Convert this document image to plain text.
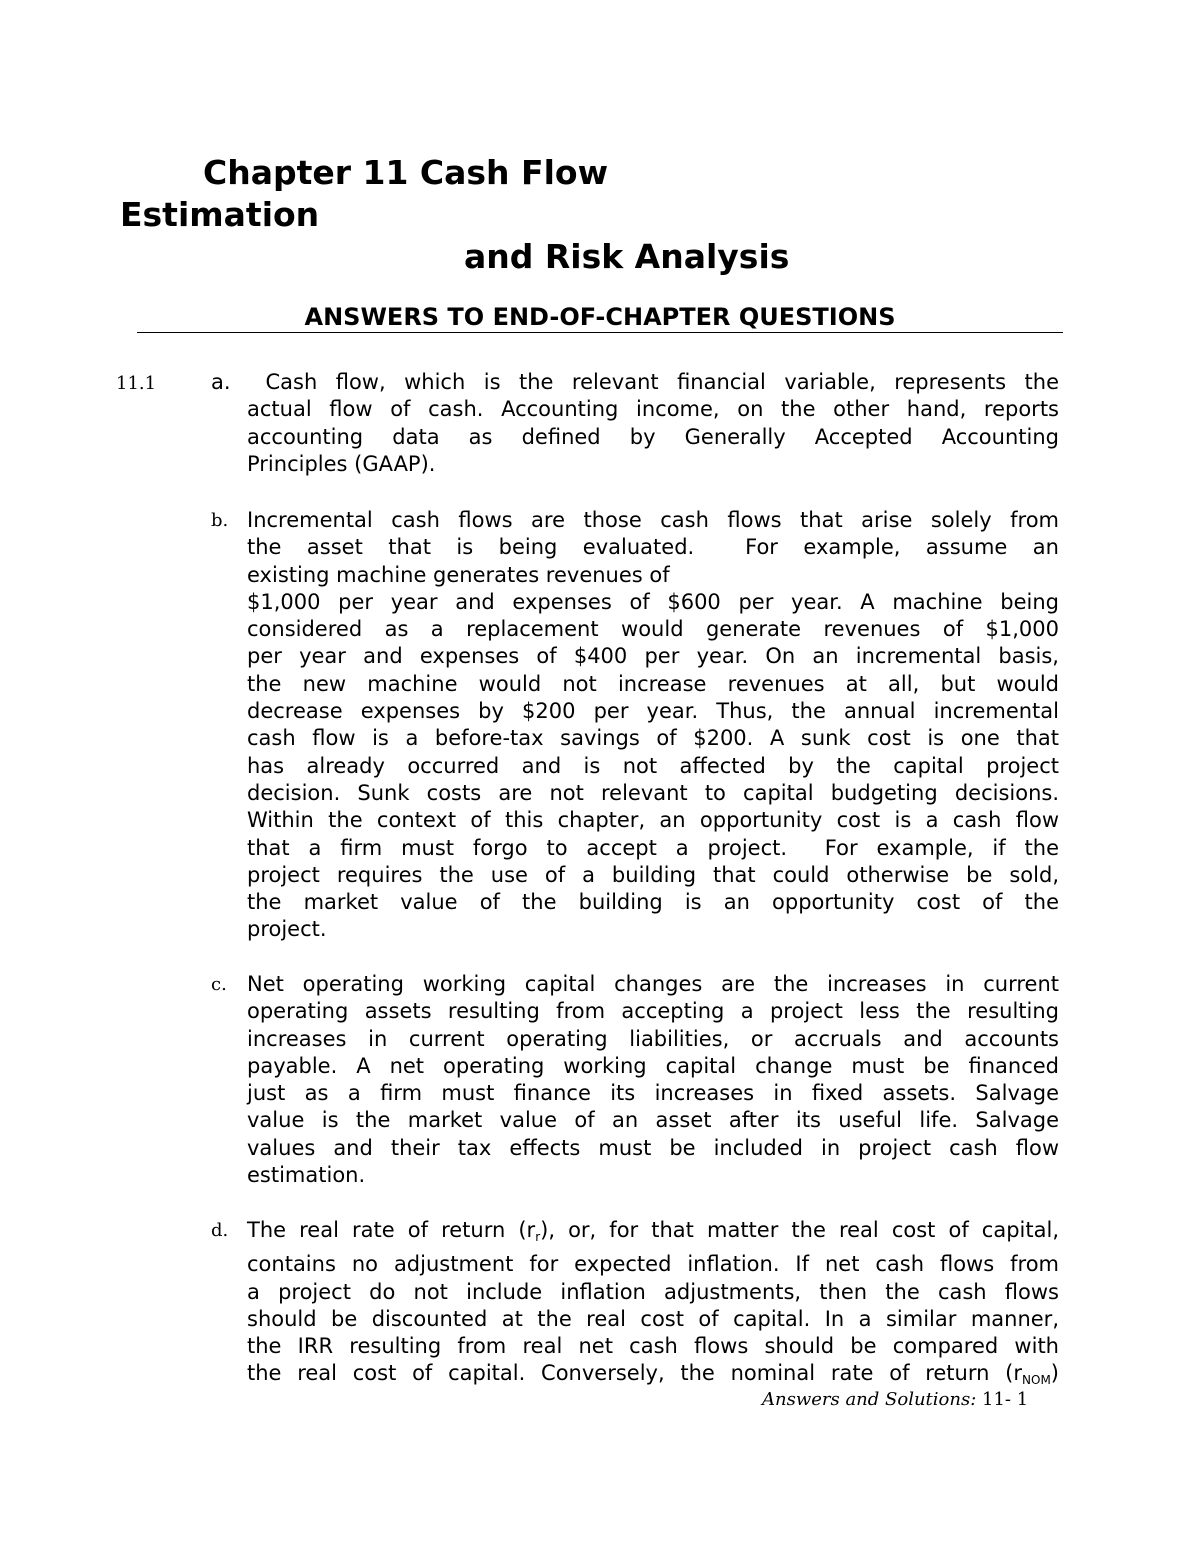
Chapter 11 Cash Flow
Estimation
and Risk Analysis
ANSWERS TO END-OF-CHAPTER QUESTIONS
11.1	a. Cash flow, which is the relevant financial variable, represents the
actual flow of cash. Accounting income, on the other hand, reports
accounting data as defined by Generally Accepted Accounting
Principles (GAAP).
b. Incremental cash flows are those cash flows that arise solely from
the asset that is being evaluated.  For example, assume an
existing machine generates revenues of
$1,000 per year and expenses of $600 per year. A machine being
considered as a replacement would generate revenues of $1,000
per year and expenses of $400 per year. On an incremental basis,
the new machine would not increase revenues at all, but would
decrease expenses by $200 per year. Thus, the annual incremental
cash flow is a before-tax savings of $200. A sunk cost is one that
has already occurred and is not affected by the capital project
decision. Sunk costs are not relevant to capital budgeting decisions.
Within the context of this chapter, an opportunity cost is a cash flow
that a firm must forgo to accept a project.  For example, if the
project requires the use of a building that could otherwise be sold,
the market value of the building is an opportunity cost of the
project.
c. Net operating working capital changes are the increases in current
operating assets resulting from accepting a project less the resulting
increases in current operating liabilities, or accruals and accounts
payable. A net operating working capital change must be financed
just as a firm must finance its increases in fixed assets. Salvage
value is the market value of an asset after its useful life. Salvage
values and their tax effects must be included in project cash flow
estimation.
d. The real rate of return $(r_r)$, or, for that matter the real cost of capital,
contains no adjustment for expected inflation. If net cash flows from
a project do not include inflation adjustments, then the cash flows
should be discounted at the real cost of capital. In a similar manner,
the IRR resulting from real net cash flows should be compared with
the real cost of capital. Conversely, the nominal rate of return $(r_{NOM})$
Answers and Solutions: 11- 1
